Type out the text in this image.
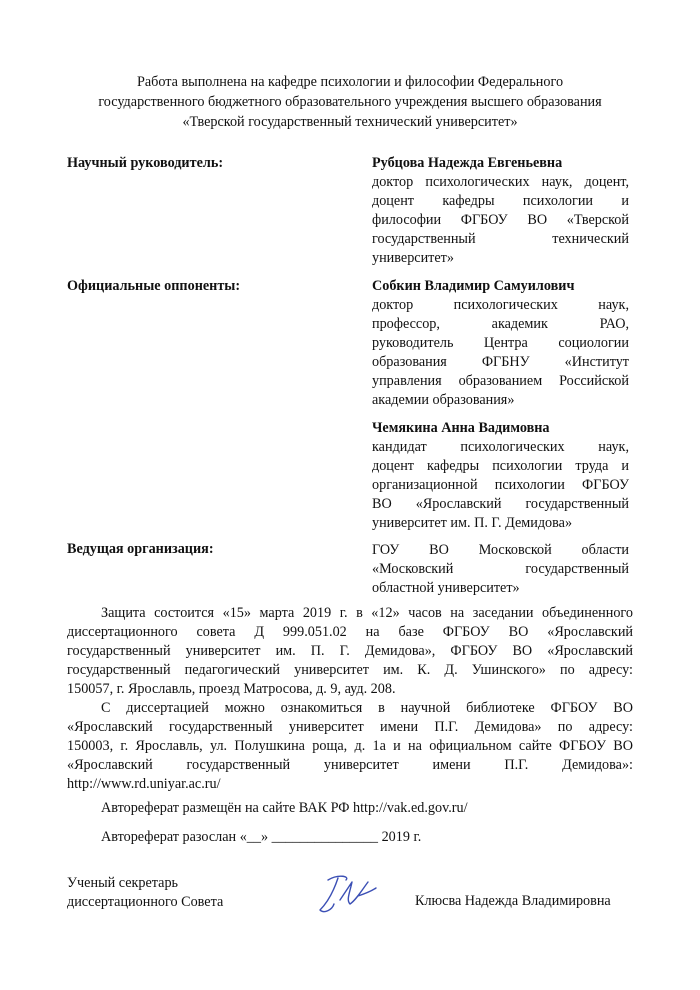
Работа выполнена на кафедре психологии и философии Федерального
государственного бюджетного образовательного учреждения высшего образования
«Тверской государственный технический университет»
Научный руководитель:	Рубцова Надежда Евгеньевна
доктор психологических наук, доцент,
доцент кафедры психологии и
философии ФГБОУ ВО «Тверской
государственный технический
университет»
Официальные оппоненты:	Собкин Владимир Самуилович
доктор психологических наук,
профессор, академик РАО,
руководитель Центра социологии
образования ФГБНУ «Институт
управления образованием Российской
академии образования»
Чемякина Анна Вадимовна
кандидат психологических наук,
доцент кафедры психологии труда и
организационной психологии ФГБОУ
ВО «Ярославский государственный
университет им. П. Г. Демидова»
Ведущая организация:	ГОУ ВО Московской области
«Московский государственный
областной университет»
Защита состоится «15» марта 2019 г. в «12» часов на заседании объединенного
диссертационного совета Д 999.051.02 на базе ФГБОУ ВО «Ярославский
государственный университет им. П. Г. Демидова», ФГБОУ ВО «Ярославский
государственный педагогический университет им. К. Д. Ушинского» по адресу:
150057, г. Ярославль, проезд Матросова, д. 9, ауд. 208.
С диссертацией можно ознакомиться в научной библиотеке ФГБОУ ВО
«Ярославский государственный университет имени П.Г. Демидова» по адресу:
150003, г. Ярославль, ул. Полушкина роща, д. 1а и на официальном сайте ФГБОУ ВО
«Ярославский государственный университет имени П.Г. Демидова»:
http://www.rd.uniyar.ac.ru/
Автореферат размещён на сайте ВАК РФ http://vak.ed.gov.ru/
Автореферат разослан «__» _______________ 2019 г.
Ученый секретарь
диссертационного Совета	Клюсва Надежда Владимировна
